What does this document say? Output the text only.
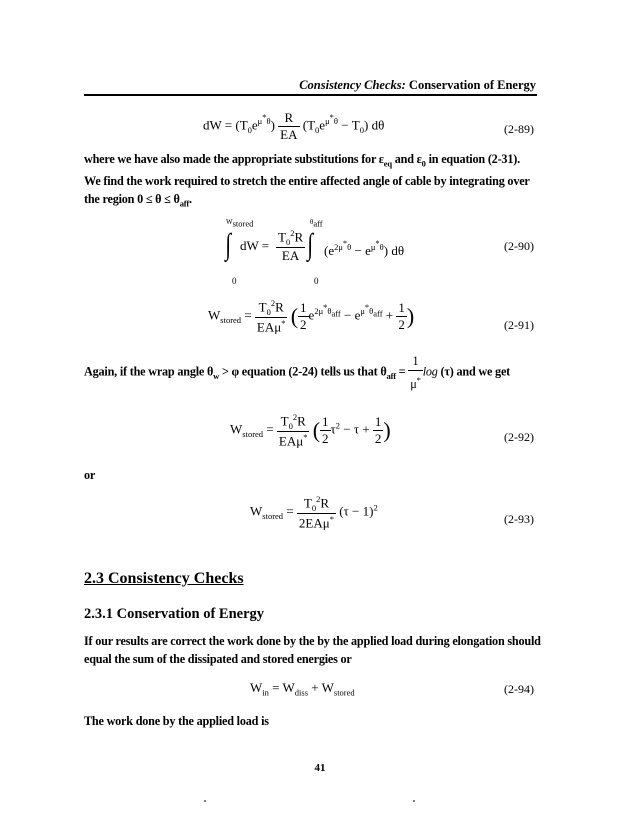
Consistency Checks: Conservation of Energy
dW = $(T_0e^{\mu^*\theta}) \frac{R}{EA} (T_0e^{\mu^*\theta} - T_0)$ dθ	(2-89)
where we have also made the appropriate substitutions for $\varepsilon_{eq}$ and $\varepsilon_0$ in equation (2-31).
We find the work required to stretch the entire affected angle of cable by integrating over
the region $0 \le \theta \le \theta_{aff}$.
$W_{stored}$
∫ dW = $\frac{T_0^2R}{EA}$
$\theta_{aff}$
∫ $(e^{2\mu^*\theta} - e^{\mu^*\theta})$ dθ
0	0
(2-90)
$W_{stored} = \frac{T_0^2R}{EA\mu^*}$ ( $\frac{1}{2} e^{2\mu^*\theta_{aff}} - e^{\mu^*\theta_{aff}} + \frac{1}{2}$ )	(2-91)
Again, if the wrap angle $\theta_w > \varphi$ equation (2-24) tells us that $\theta_{aff} = \frac{1}{\mu^*}$ log (τ) and we get
$W_{stored} = \frac{T_0^2R}{EA\mu^*}$ ( $\frac{1}{2} \tau^2 - \tau + \frac{1}{2}$ )	(2-92)
or
$W_{stored} = \frac{T_0^2R}{2EA\mu^*} (\tau - 1)^2$
(2-93)
2.3 Consistency Checks
2.3.1 Conservation of Energy
If our results are correct the work done by the by the applied load during elongation should
equal the sum of the dissipated and stored energies or
$W_{in} = W_{diss} + W_{stored}$	(2-94)
The work done by the applied load is
41
